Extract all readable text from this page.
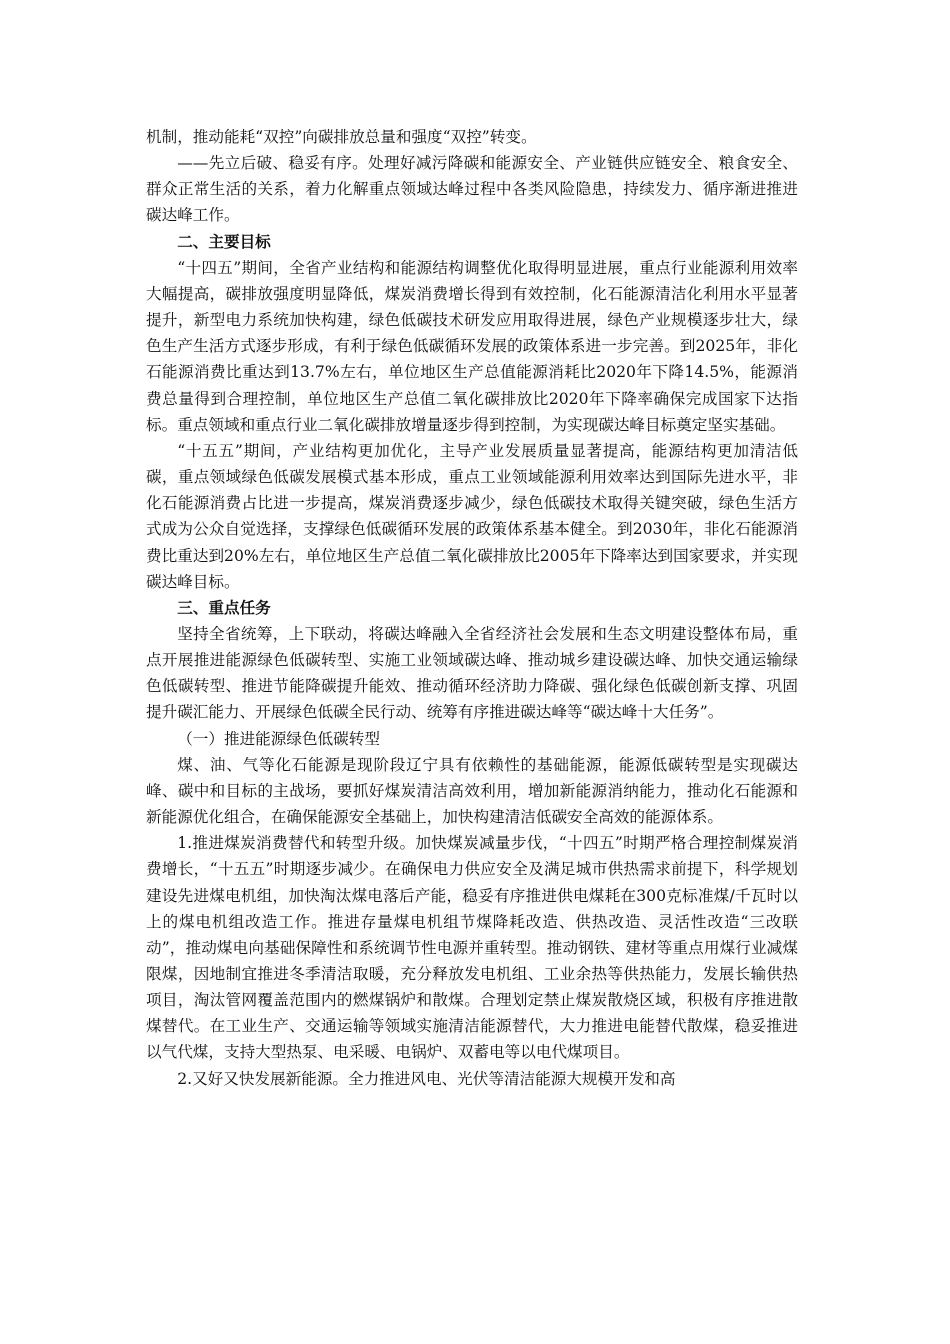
机制，推动能耗“双控”向碳排放总量和强度“双控”转变。

——先立后破、稳妥有序。处理好减污降碳和能源安全、产业链供应链安全、粮食安全、群众正常生活的关系，着力化解重点领域达峰过程中各类风险隐患，持续发力、循序渐进推进碳达峰工作。

二、主要目标

“十四五”期间，全省产业结构和能源结构调整优化取得明显进展，重点行业能源利用效率大幅提高，碳排放强度明显降低，煤炭消费增长得到有效控制，化石能源清洁化利用水平显著提升，新型电力系统加快构建，绿色低碳技术研发应用取得进展，绿色产业规模逐步壮大，绿色生产生活方式逐步形成，有利于绿色低碳循环发展的政策体系进一步完善。到2025年，非化石能源消费比重达到13.7%左右，单位地区生产总值能源消耗比2020年下降14.5%，能源消费总量得到合理控制，单位地区生产总值二氧化碳排放比2020年下降率确保完成国家下达指标。重点领域和重点行业二氧化碳排放增量逐步得到控制，为实现碳达峰目标奠定坚实基础。

“十五五”期间，产业结构更加优化，主导产业发展质量显著提高，能源结构更加清洁低碳，重点领域绿色低碳发展模式基本形成，重点工业领域能源利用效率达到国际先进水平，非化石能源消费占比进一步提高，煤炭消费逐步减少，绿色低碳技术取得关键突破，绿色生活方式成为公众自觉选择，支撑绿色低碳循环发展的政策体系基本健全。到2030年，非化石能源消费比重达到20%左右，单位地区生产总值二氧化碳排放比2005年下降率达到国家要求，并实现碳达峰目标。

三、重点任务

坚持全省统筹，上下联动，将碳达峰融入全省经济社会发展和生态文明建设整体布局，重点开展推进能源绿色低碳转型、实施工业领域碳达峰、推动城乡建设碳达峰、加快交通运输绿色低碳转型、推进节能降碳提升能效、推动循环经济助力降碳、强化绿色低碳创新支撑、巩固提升碳汇能力、开展绿色低碳全民行动、统筹有序推进碳达峰等“碳达峰十大任务”。

（一）推进能源绿色低碳转型

煤、油、气等化石能源是现阶段辽宁具有依赖性的基础能源，能源低碳转型是实现碳达峰、碳中和目标的主战场，要抓好煤炭清洁高效利用，增加新能源消纳能力，推动化石能源和新能源优化组合，在确保能源安全基础上，加快构建清洁低碳安全高效的能源体系。

1.推进煤炭消费替代和转型升级。加快煤炭减量步伐，“十四五”时期严格合理控制煤炭消费增长，“十五五”时期逐步减少。在确保电力供应安全及满足城市供热需求前提下，科学规划建设先进煤电机组，加快淘汰煤电落后产能，稳妥有序推进供电煤耗在300克标准煤/千瓦时以上的煤电机组改造工作。推进存量煤电机组节煤降耗改造、供热改造、灵活性改造“三改联动”，推动煤电向基础保障性和系统调节性电源并重转型。推动钢铁、建材等重点用煤行业减煤限煤，因地制宜推进冬季清洁取暖，充分释放发电机组、工业余热等供热能力，发展长输供热项目，淘汰管网覆盖范围内的燃煤锅炉和散煤。合理划定禁止煤炭散烧区域，积极有序推进散煤替代。在工业生产、交通运输等领域实施清洁能源替代，大力推进电能替代散煤，稳妥推进以气代煤，支持大型热泵、电采暖、电锅炉、双蓄电等以电代煤项目。

2.又好又快发展新能源。全力推进风电、光伏等清洁能源大规模开发和高
